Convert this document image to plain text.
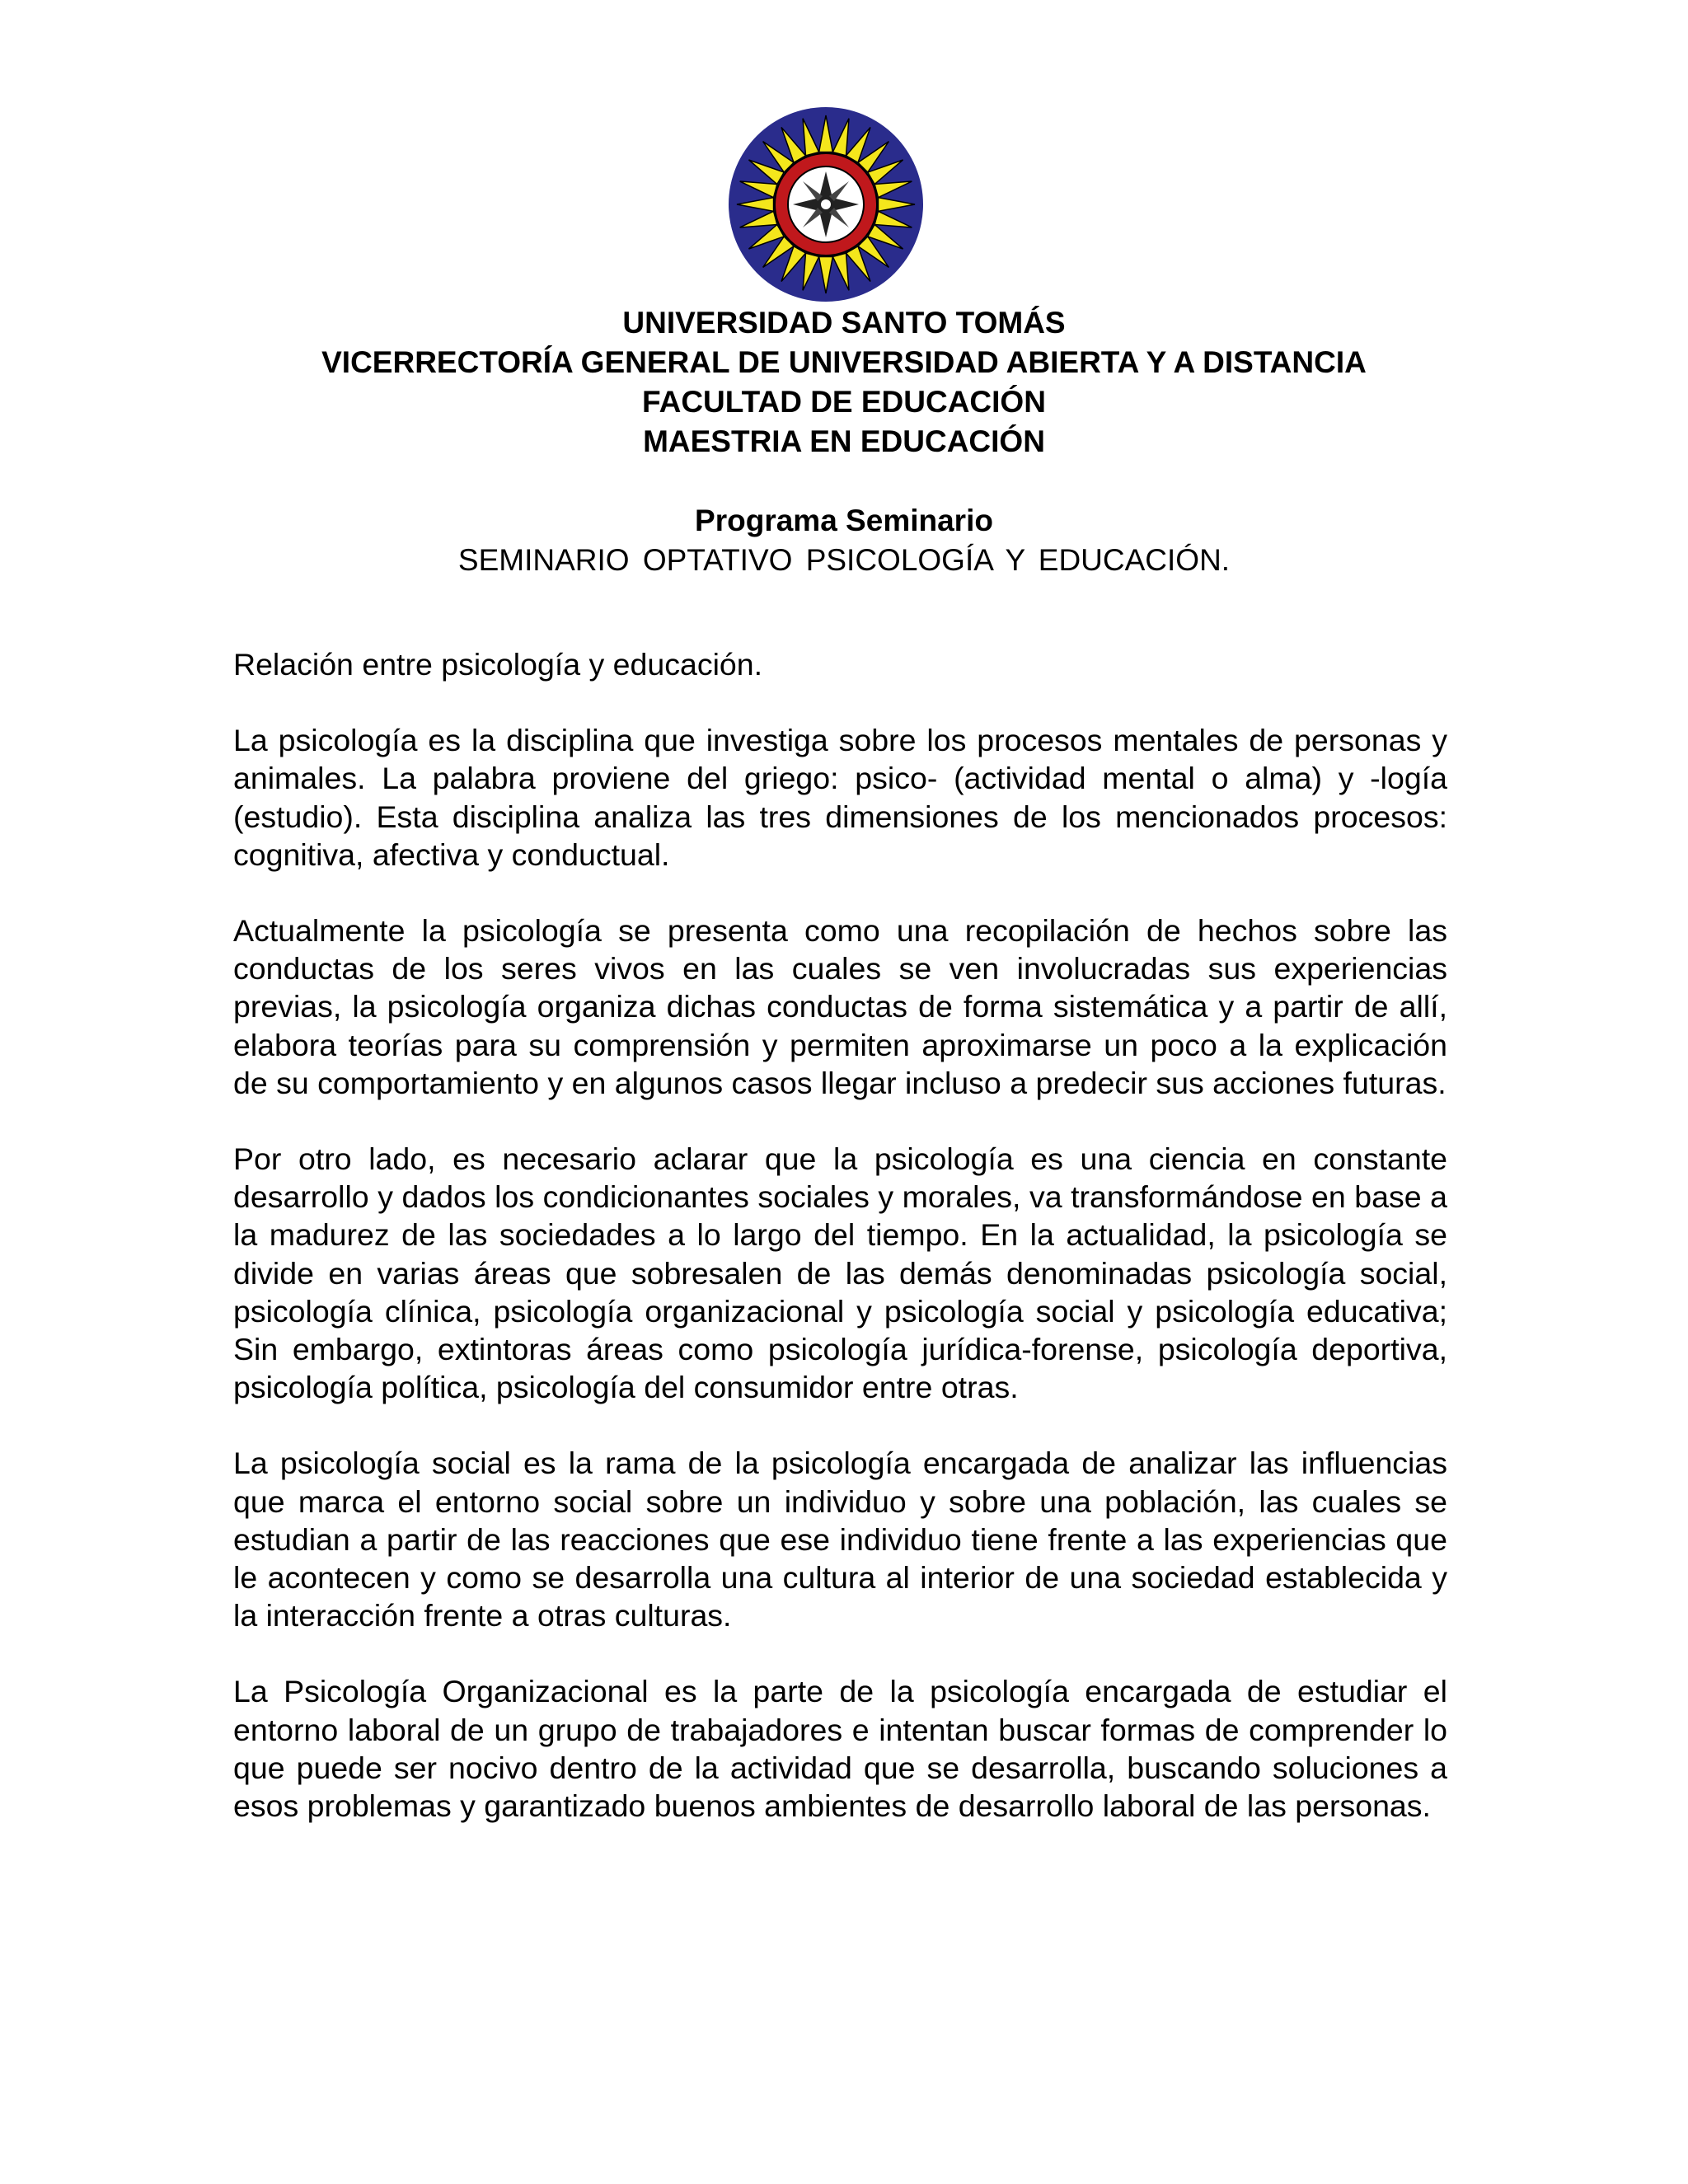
UNIVERSIDAD SANTO TOMÁS
VICERRECTORÍA GENERAL DE UNIVERSIDAD ABIERTA Y A DISTANCIA
FACULTAD DE EDUCACIÓN
MAESTRIA EN EDUCACIÓN
Programa Seminario
SEMINARIO OPTATIVO PSICOLOGÍA Y EDUCACIÓN.

Relación entre psicología y educación.

La psicología es la disciplina que investiga sobre los procesos mentales de personas y animales. La palabra proviene del griego: psico- (actividad mental o alma) y -logía (estudio). Esta disciplina analiza las tres dimensiones de los mencionados procesos: cognitiva, afectiva y conductual.

Actualmente la psicología se presenta como una recopilación de hechos sobre las conductas de los seres vivos en las cuales se ven involucradas sus experiencias previas, la psicología organiza dichas conductas de forma sistemática y a partir de allí, elabora teorías para su comprensión y permiten aproximarse un poco a la explicación de su comportamiento y en algunos casos llegar incluso a predecir sus acciones futuras.

Por otro lado, es necesario aclarar que la psicología es una ciencia en constante desarrollo y dados los condicionantes sociales y morales, va transformándose en base a la madurez de las sociedades a lo largo del tiempo. En la actualidad, la psicología se divide en varias áreas que sobresalen de las demás denominadas psicología social, psicología clínica, psicología organizacional y psicología social y psicología educativa; Sin embargo, extintoras áreas como psicología jurídica-forense, psicología deportiva, psicología política, psicología del consumidor entre otras.

La psicología social es la rama de la psicología encargada de analizar las influencias que marca el entorno social sobre un individuo y sobre una población, las cuales se estudian a partir de las reacciones que ese individuo tiene frente a las experiencias que le acontecen y como se desarrolla una cultura al interior de una sociedad establecida y la interacción frente a otras culturas.

La Psicología Organizacional es la parte de la psicología encargada de estudiar el entorno laboral de un grupo de trabajadores e intentan buscar formas de comprender lo que puede ser nocivo dentro de la actividad que se desarrolla, buscando soluciones a esos problemas y garantizado buenos ambientes de desarrollo laboral de las personas.
